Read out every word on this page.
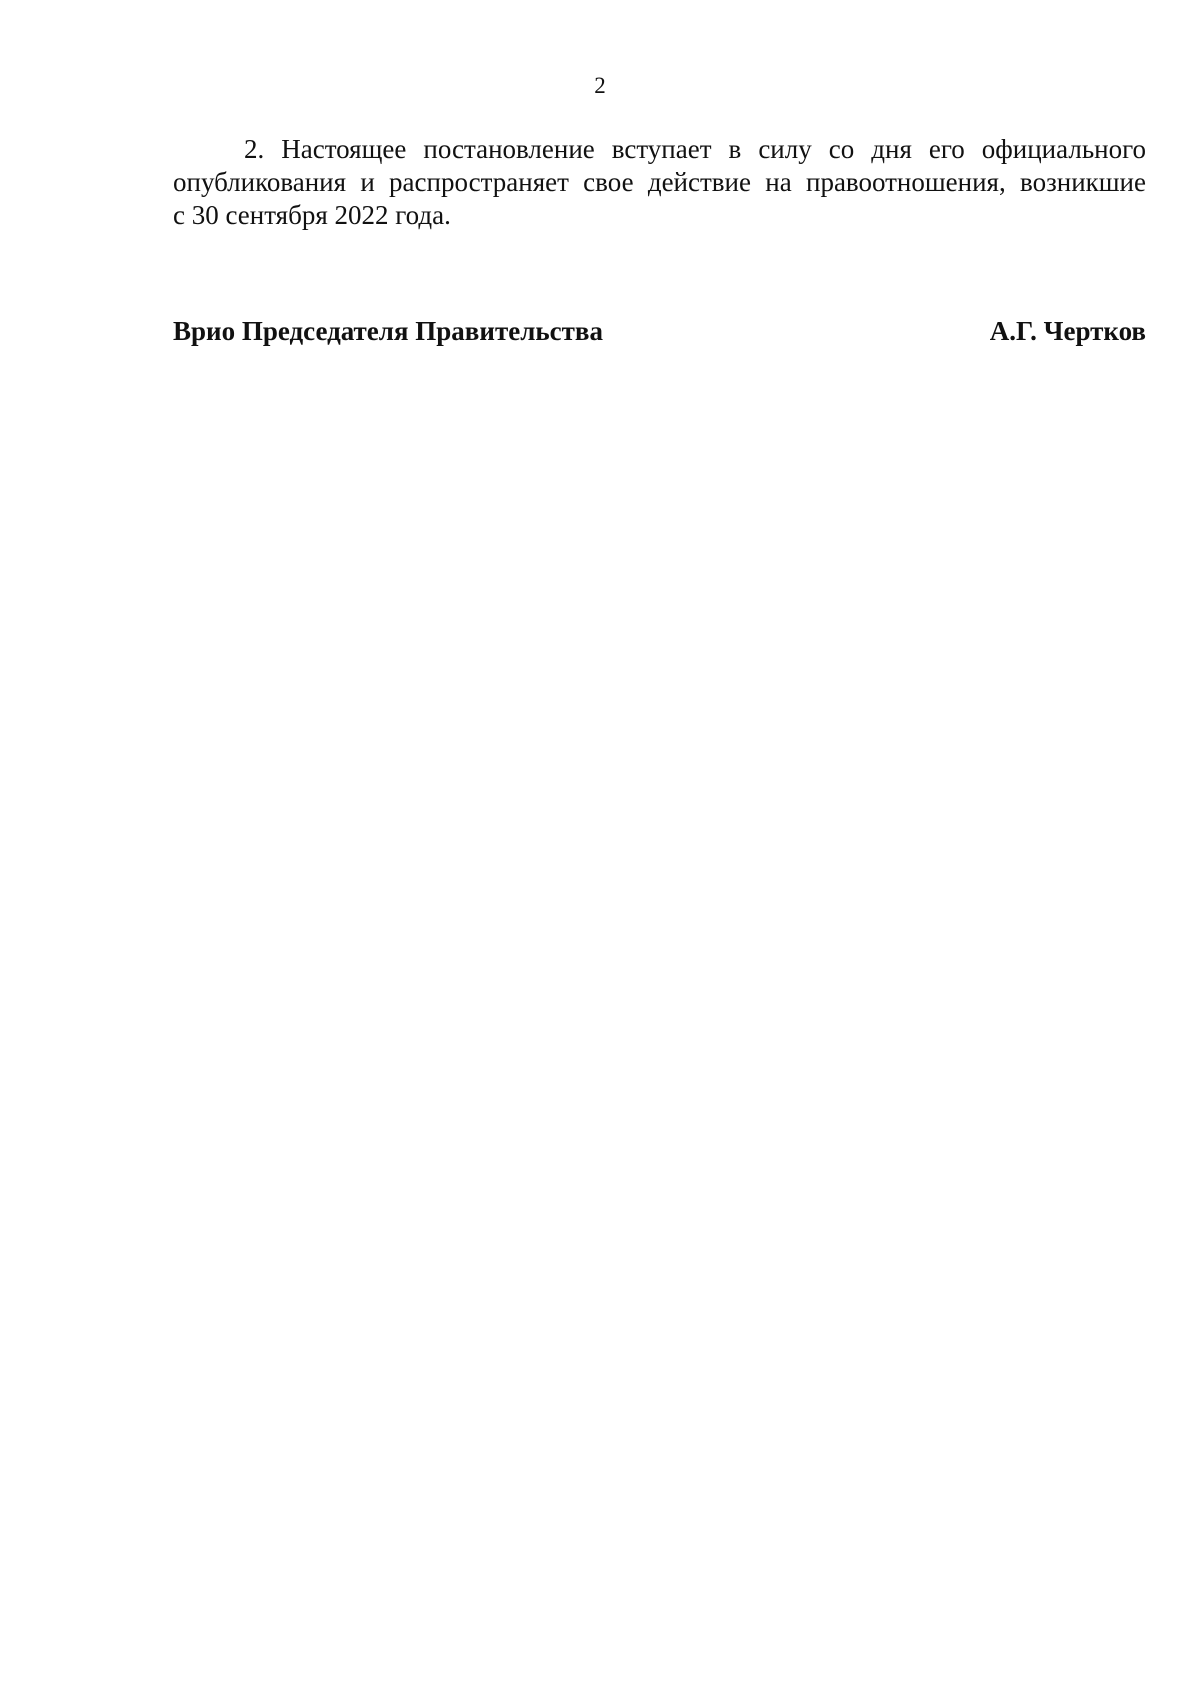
2

2. Настоящее постановление вступает в силу со дня его официального
опубликования и распространяет свое действие на правоотношения, возникшие
с 30 сентября 2022 года.

Врио Председателя Правительства	А.Г. Чертков
